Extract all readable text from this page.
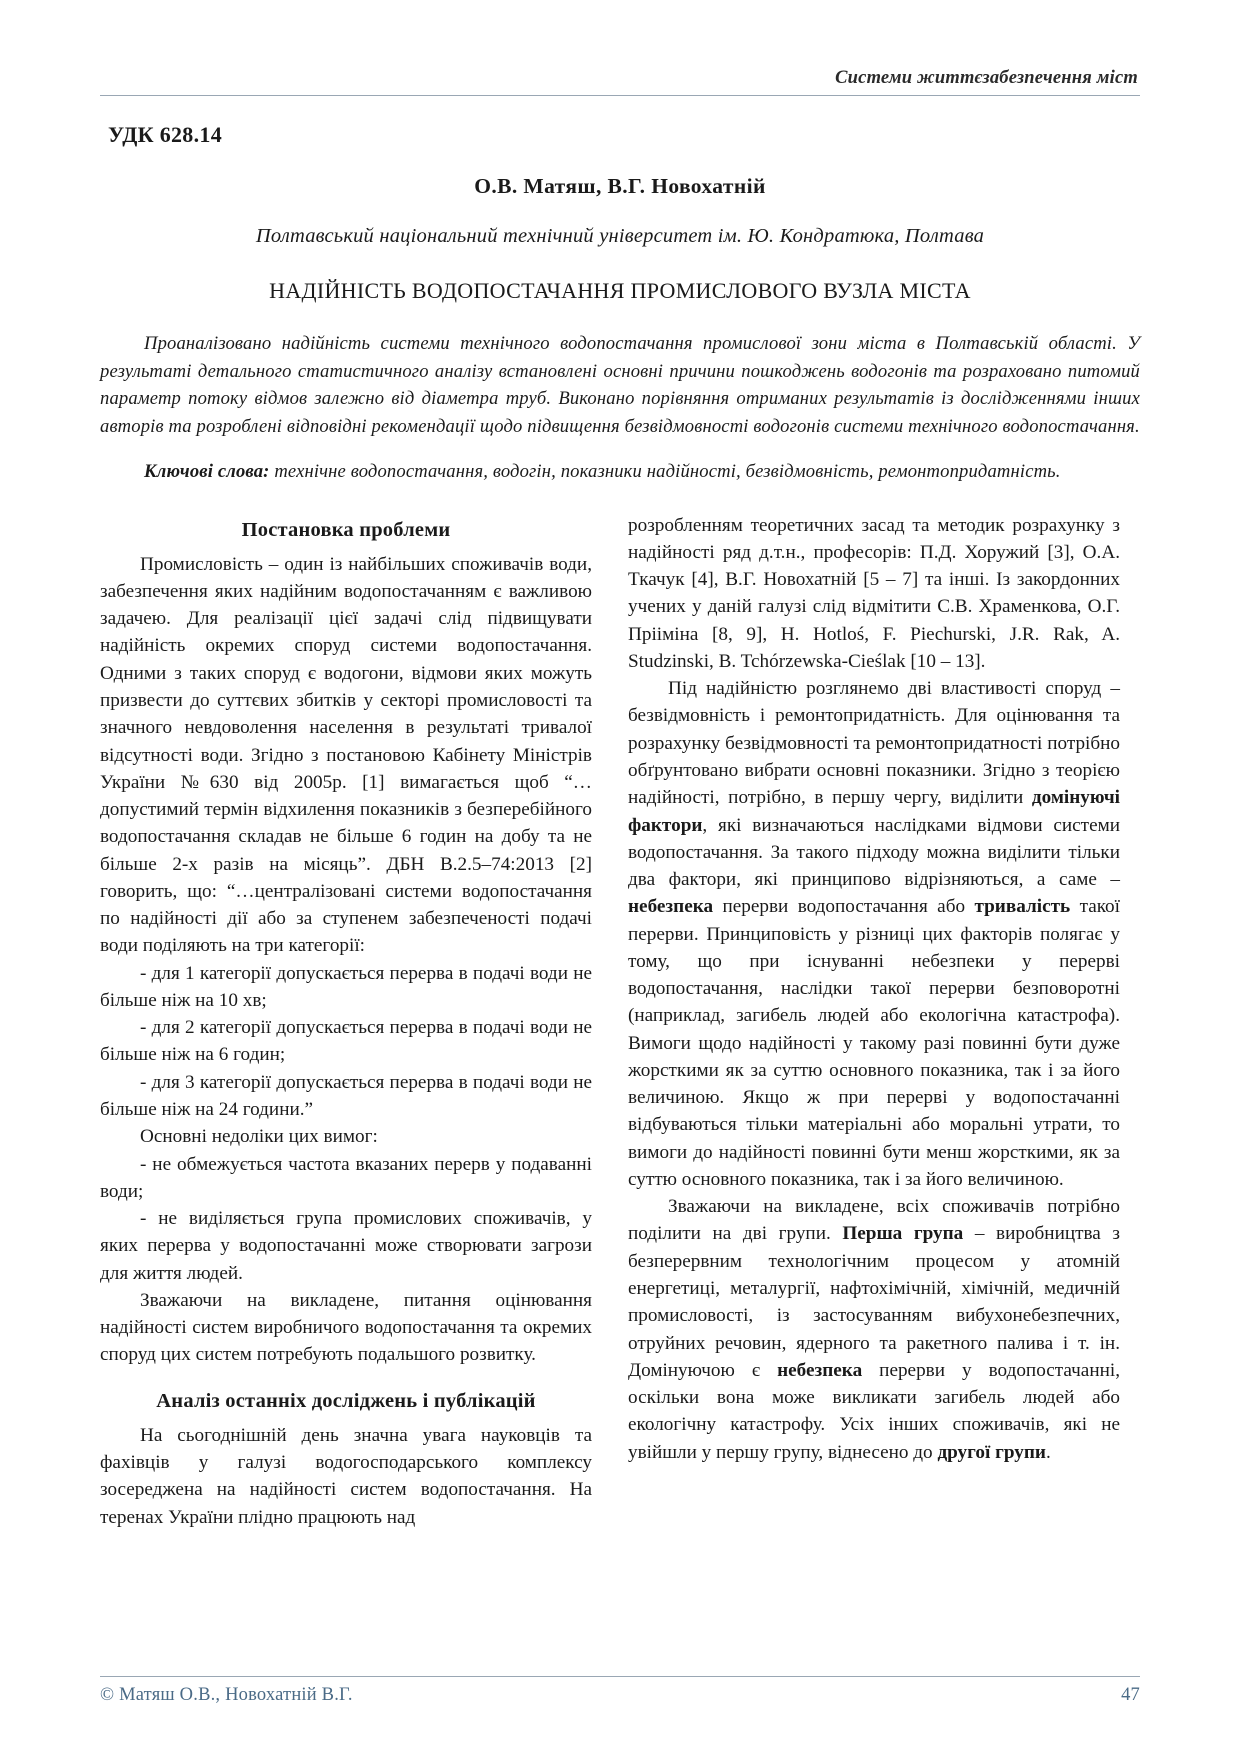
Системи життєзабезпечення міст
УДК 628.14
О.В. Матяш, В.Г. Новохатній
Полтавський національний технічний університет ім. Ю. Кондратюка, Полтава
НАДІЙНІСТЬ ВОДОПОСТАЧАННЯ ПРОМИСЛОВОГО ВУЗЛА МІСТА
Проаналізовано надійність системи технічного водопостачання промислової зони міста в Полтавській області. У результаті детального статистичного аналізу встановлені основні причини пошкоджень водогонів та розраховано питомий параметр потоку відмов залежно від діаметра труб. Виконано порівняння отриманих результатів із дослідженнями інших авторів та розроблені відповідні рекомендації щодо підвищення безвідмовності водогонів системи технічного водопостачання.
Ключові слова: технічне водопостачання, водогін, показники надійності, безвідмовність, ремонтопридатність.
Постановка проблеми

Промисловість – один із найбільших споживачів води, забезпечення яких надійним водопостачанням є важливою задачею. Для реалізації цієї задачі слід підвищувати надійність окремих споруд системи водопостачання. Одними з таких споруд є водогони, відмови яких можуть призвести до суттєвих збитків у секторі промисловості та значного невдоволення населення в результаті тривалої відсутності води. Згідно з постановою Кабінету Міністрів України №630 від 2005р. [1] вимагається щоб “…допустимий термін відхилення показників з безперебійного водопостачання складав не більше 6 годин на добу та не більше 2-х разів на місяць”. ДБН В.2.5–74:2013 [2] говорить, що: “…централізовані системи водопостачання по надійності дії або за ступенем забезпеченості подачі води поділяють на три категорії:

- для 1 категорії допускається перерва в подачі води не більше ніж на 10 хв;

- для 2 категорії допускається перерва в подачі води не більше ніж на 6 годин;

- для 3 категорії допускається перерва в подачі води не більше ніж на 24 години.”

Основні недоліки цих вимог:

- не обмежується частота вказаних перерв у подаванні води;

- не виділяється група промислових споживачів, у яких перерва у водопостачанні може створювати загрози для життя людей.

Зважаючи на викладене, питання оцінювання надійності систем виробничого водопостачання та окремих споруд цих систем потребують подальшого розвитку.

Аналіз останніх досліджень і публікацій

На сьогоднішній день значна увага науковців та фахівців у галузі водогосподарського комплексу зосереджена на надійності систем водопостачання. На теренах України плідно працюють над

розробленням теоретичних засад та методик розрахунку з надійності ряд д.т.н., професорів: П.Д. Хоружий [3], О.А. Ткачук [4], В.Г. Новохатній [5 – 7] та інші. Із закордонних учених у даній галузі слід відмітити С.В. Храменкова, О.Г. Прііміна [8, 9], H. Hotloś, F. Piechurski, J.R. Rak, A. Studzinski, B. Tchórzewska-Cieślak [10 – 13].

Під надійністю розглянемо дві властивості споруд – безвідмовність і ремонтопридатність. Для оцінювання та розрахунку безвідмовності та ремонтопридатності потрібно обґрунтовано вибрати основні показники. Згідно з теорією надійності, потрібно, в першу чергу, виділити домінуючі фактори, які визначаються наслідками відмови системи водопостачання. За такого підходу можна виділити тільки два фактори, які принципово відрізняються, а саме – небезпека перерви водопостачання або тривалість такої перерви. Принциповість у різниці цих факторів полягає у тому, що при існуванні небезпеки у перерві водопостачання, наслідки такої перерви безповоротні (наприклад, загибель людей або екологічна катастрофа). Вимоги щодо надійності у такому разі повинні бути дуже жорсткими як за суттю основного показника, так і за його величиною. Якщо ж при перерві у водопостачанні відбуваються тільки матеріальні або моральні утрати, то вимоги до надійності повинні бути менш жорсткими, як за суттю основного показника, так і за його величиною.

Зважаючи на викладене, всіх споживачів потрібно поділити на дві групи. Перша група – виробництва з безперервним технологічним процесом у атомній енергетиці, металургії, нафтохімічній, хімічній, медичній промисловості, із застосуванням вибухонебезпечних, отруйних речовин, ядерного та ракетного палива і т. ін. Домінуючою є небезпека перерви у водопостачанні, оскільки вона може викликати загибель людей або екологічну катастрофу. Усіх інших споживачів, які не увійшли у першу групу, віднесено до другої групи.

© Матяш О.В., Новохатній В.Г.	47
